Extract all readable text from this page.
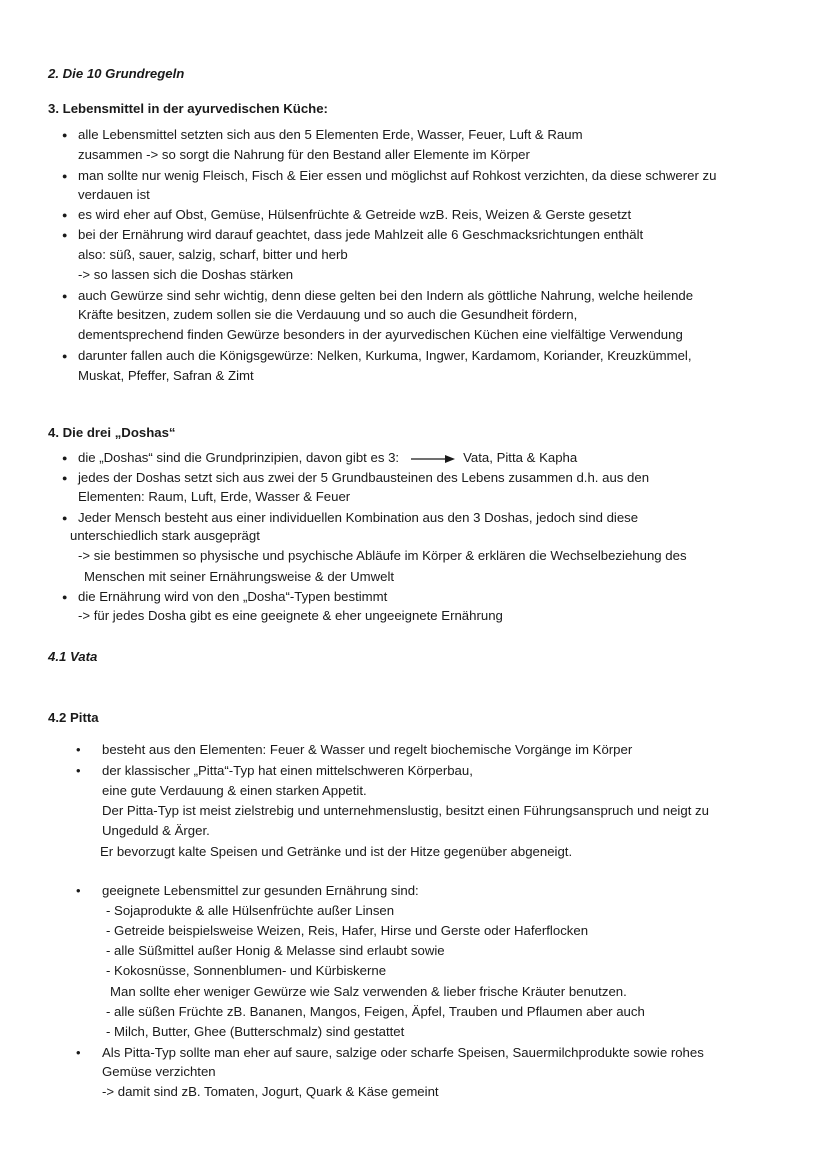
2. Die 10 Grundregeln
3. Lebensmittel in der ayurvedischen Küche:
● alle Lebensmittel setzten sich aus den 5 Elementen Erde, Wasser, Feuer, Luft & Raum
zusammen -> so sorgt die Nahrung für den Bestand aller Elemente im Körper
● man sollte nur wenig Fleisch, Fisch & Eier essen und möglichst auf Rohkost verzichten, da diese schwerer zu
verdauen ist
● es wird eher auf Obst, Gemüse, Hülsenfrüchte & Getreide wzB. Reis, Weizen & Gerste gesetzt
● bei der Ernährung wird darauf geachtet, dass jede Mahlzeit alle 6 Geschmacksrichtungen enthält
also: süß, sauer, salzig, scharf, bitter und herb
-> so lassen sich die Doshas stärken
● auch Gewürze sind sehr wichtig, denn diese gelten bei den Indern als göttliche Nahrung, welche heilende
Kräfte besitzen, zudem sollen sie die Verdauung und so auch die Gesundheit fördern,
dementsprechend finden Gewürze besonders in der ayurvedischen Küchen eine vielfältige Verwendung
● darunter fallen auch die Königsgewürze: Nelken, Kurkuma, Ingwer, Kardamom, Koriander, Kreuzkümmel,
Muskat, Pfeffer, Safran & Zimt
4. Die drei „Doshas“
● die „Doshas“ sind die Grundprinzipien, davon gibt es 3:	Vata, Pitta & Kapha
● jedes der Doshas setzt sich aus zwei der 5 Grundbausteinen des Lebens zusammen d.h. aus den
Elementen: Raum, Luft, Erde, Wasser & Feuer
● Jeder Mensch besteht aus einer individuellen Kombination aus den 3 Doshas, jedoch sind diese
unterschiedlich stark ausgeprägt
-> sie bestimmen so physische und psychische Abläufe im Körper & erklären die Wechselbeziehung des
Menschen mit seiner Ernährungsweise & der Umwelt
● die Ernährung wird von den „Dosha“-Typen bestimmt
-> für jedes Dosha gibt es eine geeignete & eher ungeeignete Ernährung
4.1 Vata
4.2 Pitta
• besteht aus den Elementen: Feuer & Wasser und regelt biochemische Vorgänge im Körper
• der klassischer „Pitta“-Typ hat einen mittelschweren Körperbau,
eine gute Verdauung & einen starken Appetit.
Der Pitta-Typ ist meist zielstrebig und unternehmenslustig, besitzt einen Führungsanspruch und neigt zu
Ungeduld & Ärger.
Er bevorzugt kalte Speisen und Getränke und ist der Hitze gegenüber abgeneigt.
• geeignete Lebensmittel zur gesunden Ernährung sind:
- Sojaprodukte & alle Hülsenfrüchte außer Linsen
- Getreide beispielsweise Weizen, Reis, Hafer, Hirse und Gerste oder Haferflocken
- alle Süßmittel außer Honig & Melasse sind erlaubt sowie
- Kokosnüsse, Sonnenblumen- und Kürbiskerne
Man sollte eher weniger Gewürze wie Salz verwenden & lieber frische Kräuter benutzen.
- alle süßen Früchte zB. Bananen, Mangos, Feigen, Äpfel, Trauben und Pflaumen aber auch
- Milch, Butter, Ghee (Butterschmalz) sind gestattet
• Als Pitta-Typ sollte man eher auf saure, salzige oder scharfe Speisen, Sauermilchprodukte sowie rohes
Gemüse verzichten
-> damit sind zB. Tomaten, Jogurt, Quark & Käse gemeint
